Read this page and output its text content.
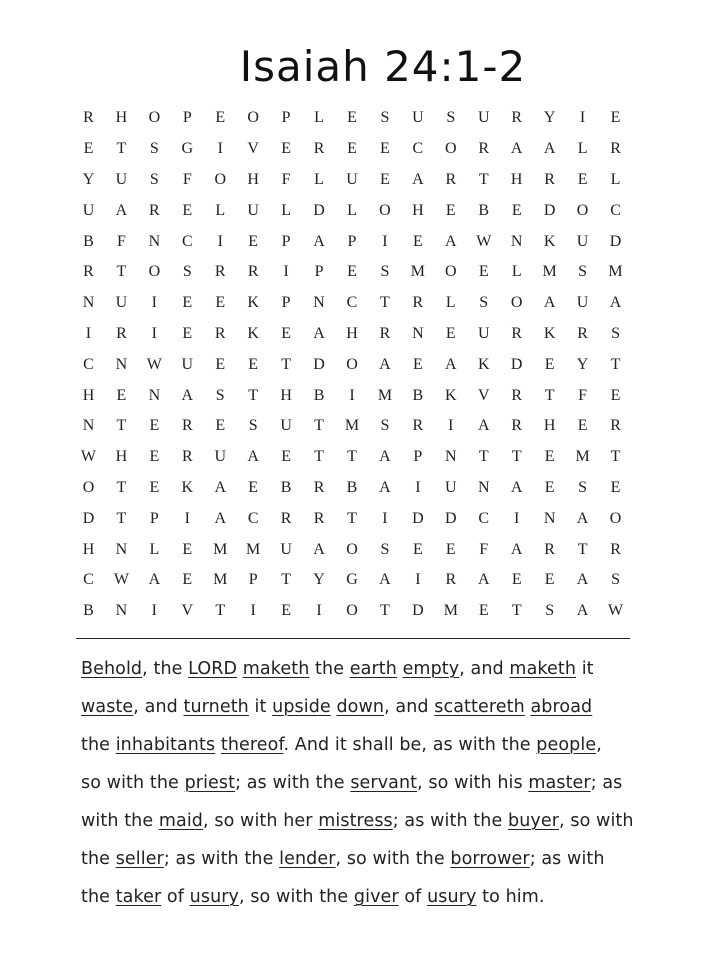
Isaiah 24:1-2
R	H	O	P	E	O	P	L	E	S	U	S	U	R	Y	I	E
E	T	S	G	I	V	E	R	E	E	C	O	R	A	A	L	R
Y	U	S	F	O	H	F	L	U	E	A	R	T	H	R	E	L
U	A	R	E	L	U	L	D	L	O	H	E	B	E	D	O	C
B	F	N	C	I	E	P	A	P	I	E	A	W	N	K	U	D
R	T	O	S	R	R	I	P	E	S	M	O	E	L	M	S	M
N	U	I	E	E	K	P	N	C	T	R	L	S	O	A	U	A
I	R	I	E	R	K	E	A	H	R	N	E	U	R	K	R	S
C	N	W	U	E	E	T	D	O	A	E	A	K	D	E	Y	T
H	E	N	A	S	T	H	B	I	M	B	K	V	R	T	F	E
N	T	E	R	E	S	U	T	M	S	R	I	A	R	H	E	R
W	H	E	R	U	A	E	T	T	A	P	N	T	T	E	M	T
O	T	E	K	A	E	B	R	B	A	I	U	N	A	E	S	E
D	T	P	I	A	C	R	R	T	I	D	D	C	I	N	A	O
H	N	L	E	M	M	U	A	O	S	E	E	F	A	R	T	R
C	W	A	E	M	P	T	Y	G	A	I	R	A	E	E	A	S
B	N	I	V	T	I	E	I	O	T	D	M	E	T	S	A	W
Behold, the LORD maketh the earth empty, and maketh it
waste, and turneth it upside down, and scattereth abroad
the inhabitants thereof. And it shall be, as with the people,
so with the priest; as with the servant, so with his master; as
with the maid, so with her mistress; as with the buyer, so with
the seller; as with the lender, so with the borrower; as with
the taker of usury, so with the giver of usury to him.
